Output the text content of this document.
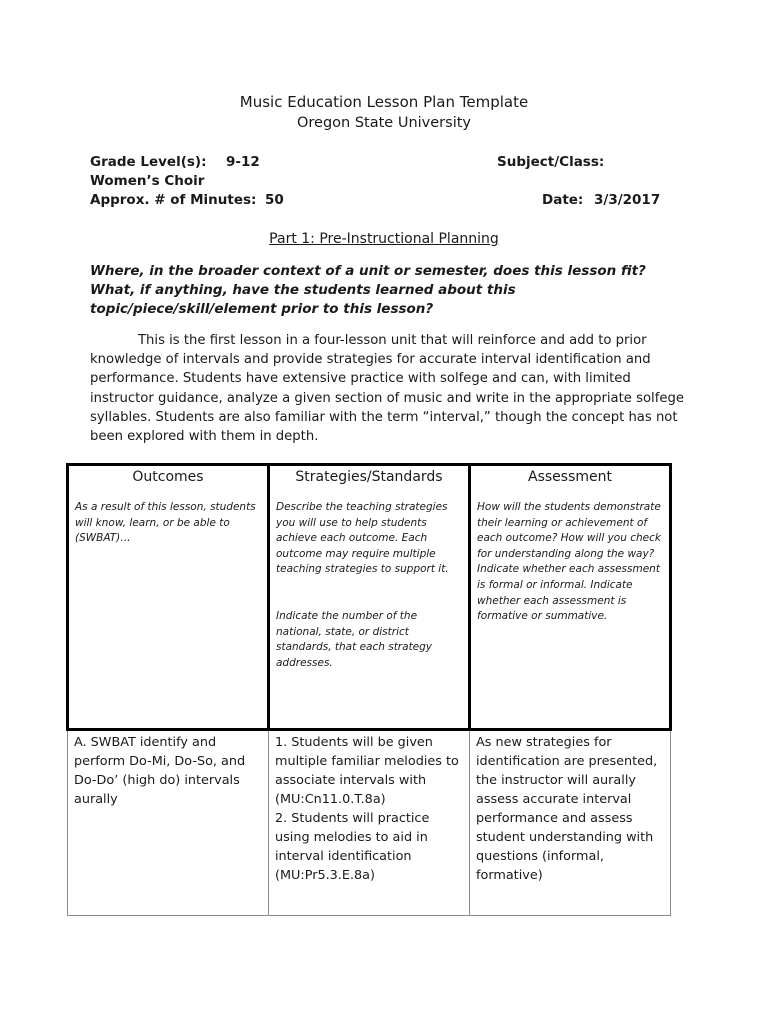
Music Education Lesson Plan Template
Oregon State University
Grade Level(s): 9-12	Subject/Class:
Women’s Choir
Approx. # of Minutes: 50	Date: 3/3/2017
Part 1: Pre-Instructional Planning
Where, in the broader context of a unit or semester, does this lesson fit? What, if anything, have the students learned about this topic/piece/skill/element prior to this lesson?
This is the first lesson in a four-lesson unit that will reinforce and add to prior knowledge of intervals and provide strategies for accurate interval identification and performance. Students have extensive practice with solfege and can, with limited instructor guidance, analyze a given section of music and write in the appropriate solfege syllables. Students are also familiar with the term “interval,” though the concept has not been explored with them in depth.
Outcomes
As a result of this lesson, students will know, learn, or be able to (SWBAT)…
Strategies/Standards
Describe the teaching strategies you will use to help students achieve each outcome. Each outcome may require multiple teaching strategies to support it.
Indicate the number of the national, state, or district standards, that each strategy addresses.
Assessment
How will the students demonstrate their learning or achievement of each outcome? How will you check for understanding along the way? Indicate whether each assessment is formal or informal. Indicate whether each assessment is formative or summative.

A. SWBAT identify and perform Do-Mi, Do-So, and Do-Do’ (high do) intervals aurally

1. Students will be given multiple familiar melodies to associate intervals with (MU:Cn11.0.T.8a)

2. Students will practice using melodies to aid in interval identification (MU:Pr5.3.E.8a)

As new strategies for identification are presented, the instructor will aurally assess accurate interval performance and assess student understanding with questions (informal, formative)
